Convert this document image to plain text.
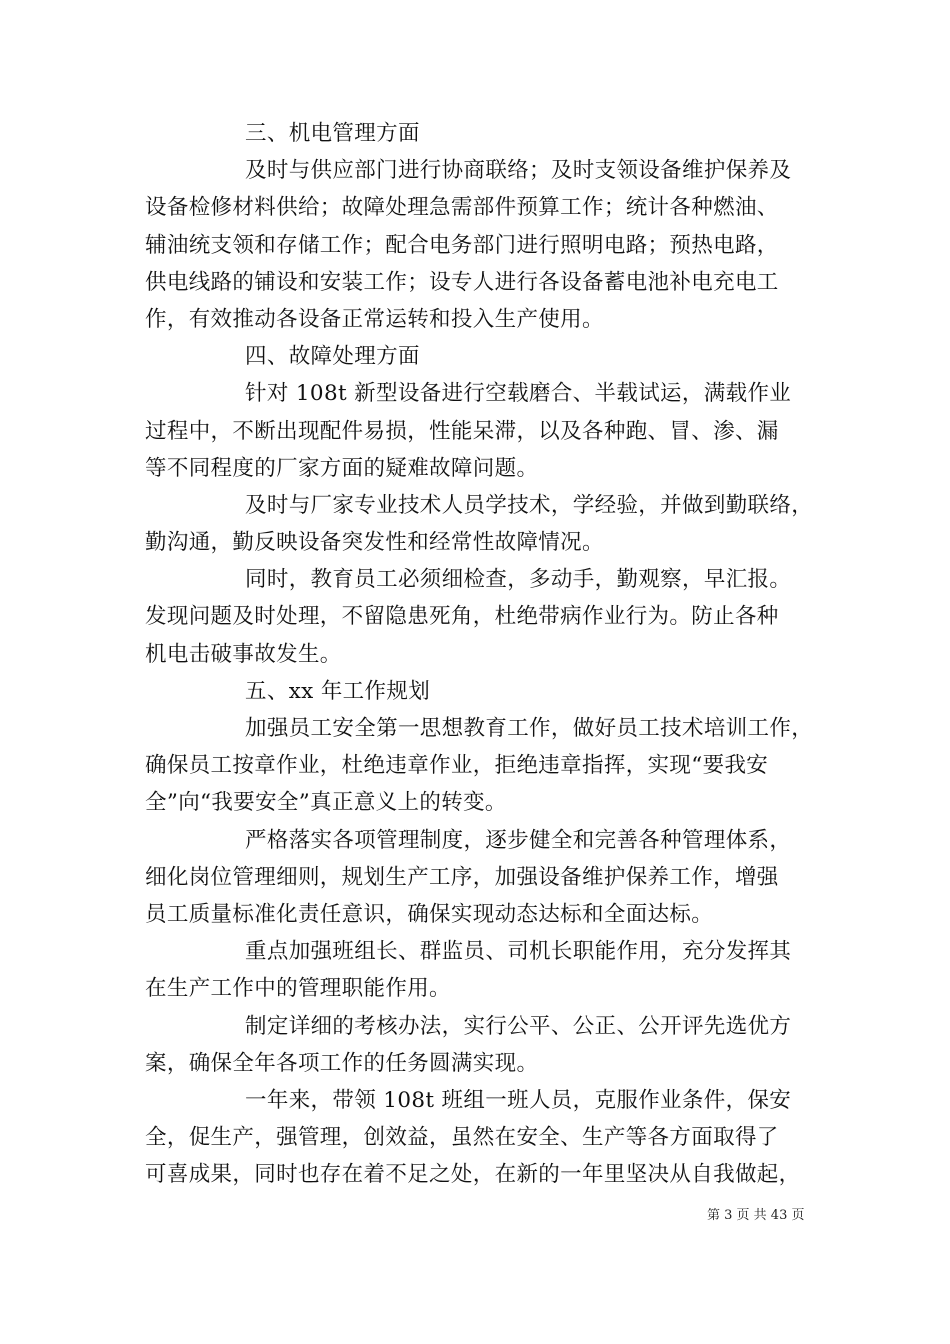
三、机电管理方面
及时与供应部门进行协商联络；及时支领设备维护保养及
设备检修材料供给；故障处理急需部件预算工作；统计各种燃油、
辅油统支领和存储工作；配合电务部门进行照明电路；预热电路，
供电线路的铺设和安装工作；设专人进行各设备蓄电池补电充电工
作，有效推动各设备正常运转和投入生产使用。
四、故障处理方面
针对 108t 新型设备进行空载磨合、半载试运，满载作业
过程中，不断出现配件易损，性能呆滞，以及各种跑、冒、渗、漏
等不同程度的厂家方面的疑难故障问题。
及时与厂家专业技术人员学技术，学经验，并做到勤联络，
勤沟通，勤反映设备突发性和经常性故障情况。
同时，教育员工必须细检查，多动手，勤观察，早汇报。
发现问题及时处理，不留隐患死角，杜绝带病作业行为。防止各种
机电击破事故发生。
五、xx 年工作规划
加强员工安全第一思想教育工作，做好员工技术培训工作，
确保员工按章作业，杜绝违章作业，拒绝违章指挥，实现“要我安
全”向“我要安全”真正意义上的转变。
严格落实各项管理制度，逐步健全和完善各种管理体系，
细化岗位管理细则，规划生产工序，加强设备维护保养工作，增强
员工质量标准化责任意识，确保实现动态达标和全面达标。
重点加强班组长、群监员、司机长职能作用，充分发挥其
在生产工作中的管理职能作用。
制定详细的考核办法，实行公平、公正、公开评先选优方
案，确保全年各项工作的任务圆满实现。
一年来，带领 108t 班组一班人员，克服作业条件，保安
全，促生产，强管理，创效益，虽然在安全、生产等各方面取得了
可喜成果，同时也存在着不足之处，在新的一年里坚决从自我做起，
第 3 页 共 43 页
